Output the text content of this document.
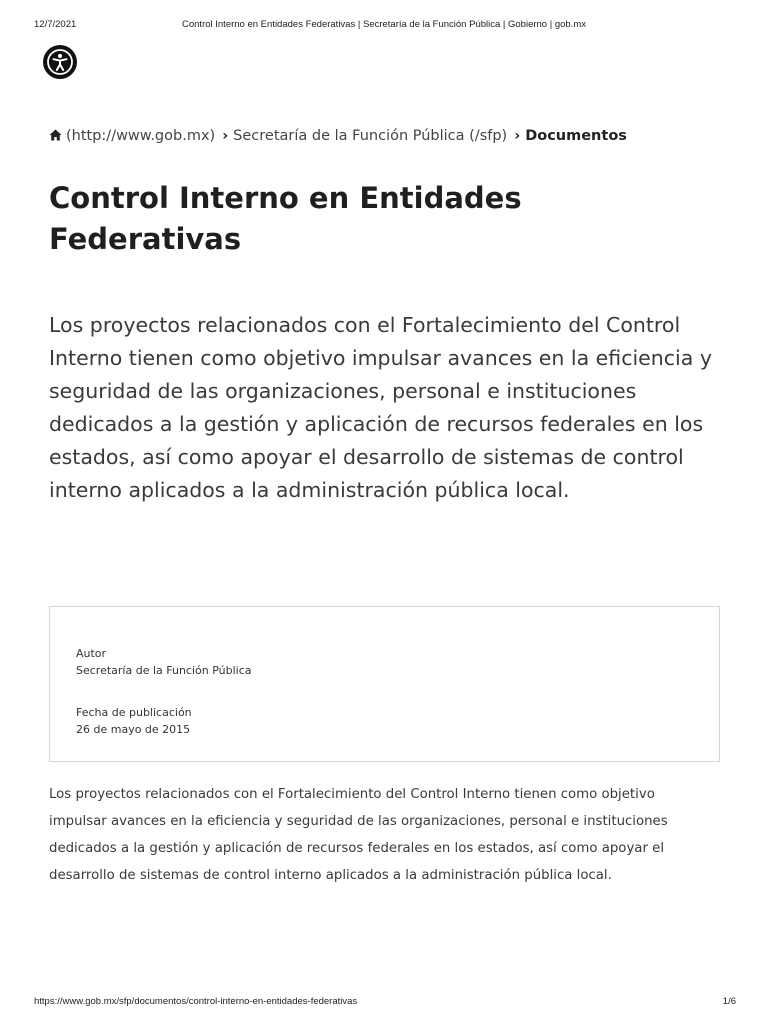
12/7/2021	Control Interno en Entidades Federativas | Secretaría de la Función Pública | Gobierno | gob.mx
(http://www.gob.mx) › Secretaría de la Función Pública (/sfp) › Documentos
Control Interno en Entidades Federativas

Los proyectos relacionados con el Fortalecimiento del Control Interno tienen como objetivo impulsar avances en la eficiencia y seguridad de las organizaciones, personal e instituciones dedicados a la gestión y aplicación de recursos federales en los estados, así como apoyar el desarrollo de sistemas de control interno aplicados a la administración pública local.

Autor
Secretaría de la Función Pública
Fecha de publicación
26 de mayo de 2015

Los proyectos relacionados con el Fortalecimiento del Control Interno tienen como objetivo impulsar avances en la eficiencia y seguridad de las organizaciones, personal e instituciones dedicados a la gestión y aplicación de recursos federales en los estados, así como apoyar el desarrollo de sistemas de control interno aplicados a la administración pública local.

https://www.gob.mx/sfp/documentos/control-interno-en-entidades-federativas	1/6
